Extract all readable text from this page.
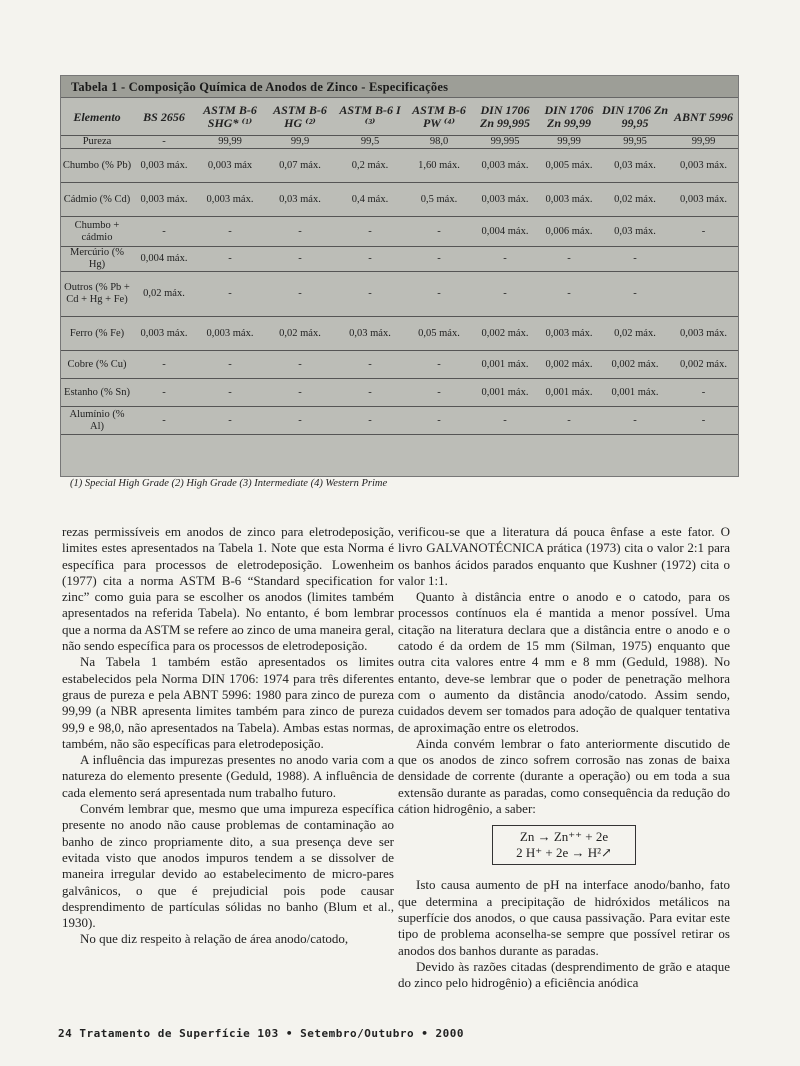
Tabela 1 - Composição Química de Anodos de Zinco - Especificações
Elemento	BS 2656	ASTM B-6 SHG* ⁽¹⁾	ASTM B-6 HG ⁽²⁾	ASTM B-6 I ⁽³⁾	ASTM B-6 PW ⁽⁴⁾	DIN 1706 Zn 99,995	DIN 1706 Zn 99,99	DIN 1706 Zn 99,95	ABNT 5996
Pureza	-	99,99	99,9	99,5	98,0	99,995	99,99	99,95	99,99
Chumbo (% Pb)	0,003 máx.	0,003 máx	0,07 máx.	0,2 máx.	1,60 máx.	0,003 máx.	0,005 máx.	0,03 máx.	0,003 máx.
Cádmio (% Cd)	0,003 máx.	0,003 máx.	0,03 máx.	0,4 máx.	0,5 máx.	0,003 máx.	0,003 máx.	0,02 máx.	0,003 máx.
Chumbo + cádmio	-	-	-	-	-	0,004 máx.	0,006 máx.	0,03 máx.	-
Mercúrio (% Hg)	0,004 máx.	-	-	-	-	-	-	-	
Outros (% Pb + Cd + Hg + Fe)	0,02 máx.	-	-	-	-	-	-	-	
Ferro (% Fe)	0,003 máx.	0,003 máx.	0,02 máx.	0,03 máx.	0,05 máx.	0,002 máx.	0,003 máx.	0,02 máx.	0,003 máx.
Cobre (% Cu)	-	-	-	-	-	0,001 máx.	0,002 máx.	0,002 máx.	0,002 máx.
Estanho (% Sn)	-	-	-	-	-	0,001 máx.	0,001 máx.	0,001 máx.	-
Alumínio (% Al)	-	-	-	-	-	-	-	-	-
(1) Special High Grade (2) High Grade (3) Intermediate (4) Western Prime

rezas permissíveis em anodos de zinco para eletrodeposição, limites estes apresentados na Tabela 1. Note que esta Norma é específica para processos de eletrodeposição. Lowenheim (1977) cita a norma ASTM B-6 “Standard specification for zinc” como guia para se escolher os anodos (limites também apresentados na referida Tabela). No entanto, é bom lembrar que a norma da ASTM se refere ao zinco de uma maneira geral, não sendo específica para os processos de eletrodeposição.

Na Tabela 1 também estão apresentados os limites estabelecidos pela Norma DIN 1706: 1974 para três diferentes graus de pureza e pela ABNT 5996: 1980 para zinco de pureza 99,99 (a NBR apresenta limites também para zinco de pureza 99,9 e 98,0, não apresentados na Tabela). Ambas estas normas, também, não são específicas para eletrodeposição.

A influência das impurezas presentes no anodo varia com a natureza do elemento presente (Geduld, 1988). A influência de cada elemento será apresentada num trabalho futuro.

Convém lembrar que, mesmo que uma impureza específica presente no anodo não cause problemas de contaminação ao banho de zinco propriamente dito, a sua presença deve ser evitada visto que anodos impuros tendem a se dissolver de maneira irregular devido ao estabelecimento de micro-pares galvânicos, o que é prejudicial pois pode causar desprendimento de partículas sólidas no banho (Blum et al., 1930).

No que diz respeito à relação de área anodo/catodo,

verificou-se que a literatura dá pouca ênfase a este fator. O livro GALVANOTÉCNICA prática (1973) cita o valor 2:1 para os banhos ácidos parados enquanto que Kushner (1972) cita o valor 1:1.

Quanto à distância entre o anodo e o catodo, para os processos contínuos ela é mantida a menor possível. Uma citação na literatura declara que a distância entre o anodo e o catodo é da ordem de 15 mm (Silman, 1975) enquanto que outra cita valores entre 4 mm e 8 mm (Geduld, 1988). No entanto, deve-se lembrar que o poder de penetração melhora com o aumento da distância anodo/catodo. Assim sendo, cuidados devem ser tomados para adoção de qualquer tentativa de aproximação entre os eletrodos.

Ainda convém lembrar o fato anteriormente discutido de que os anodos de zinco sofrem corrosão nas zonas de baixa densidade de corrente (durante a operação) ou em toda a sua extensão durante as paradas, como consequência da redução do cátion hidrogênio, a saber:

Zn → Zn⁺⁺ + 2e
2 H⁺ + 2e → H²↗

Isto causa aumento de pH na interface anodo/banho, fato que determina a precipitação de hidróxidos metálicos na superfície dos anodos, o que causa passivação. Para evitar este tipo de problema aconselha-se sempre que possível retirar os anodos dos banhos durante as paradas.

Devido às razões citadas (desprendimento de grão e ataque do zinco pelo hidrogênio) a eficiência anódica

24 Tratamento de Superfície 103 • Setembro/Outubro • 2000
